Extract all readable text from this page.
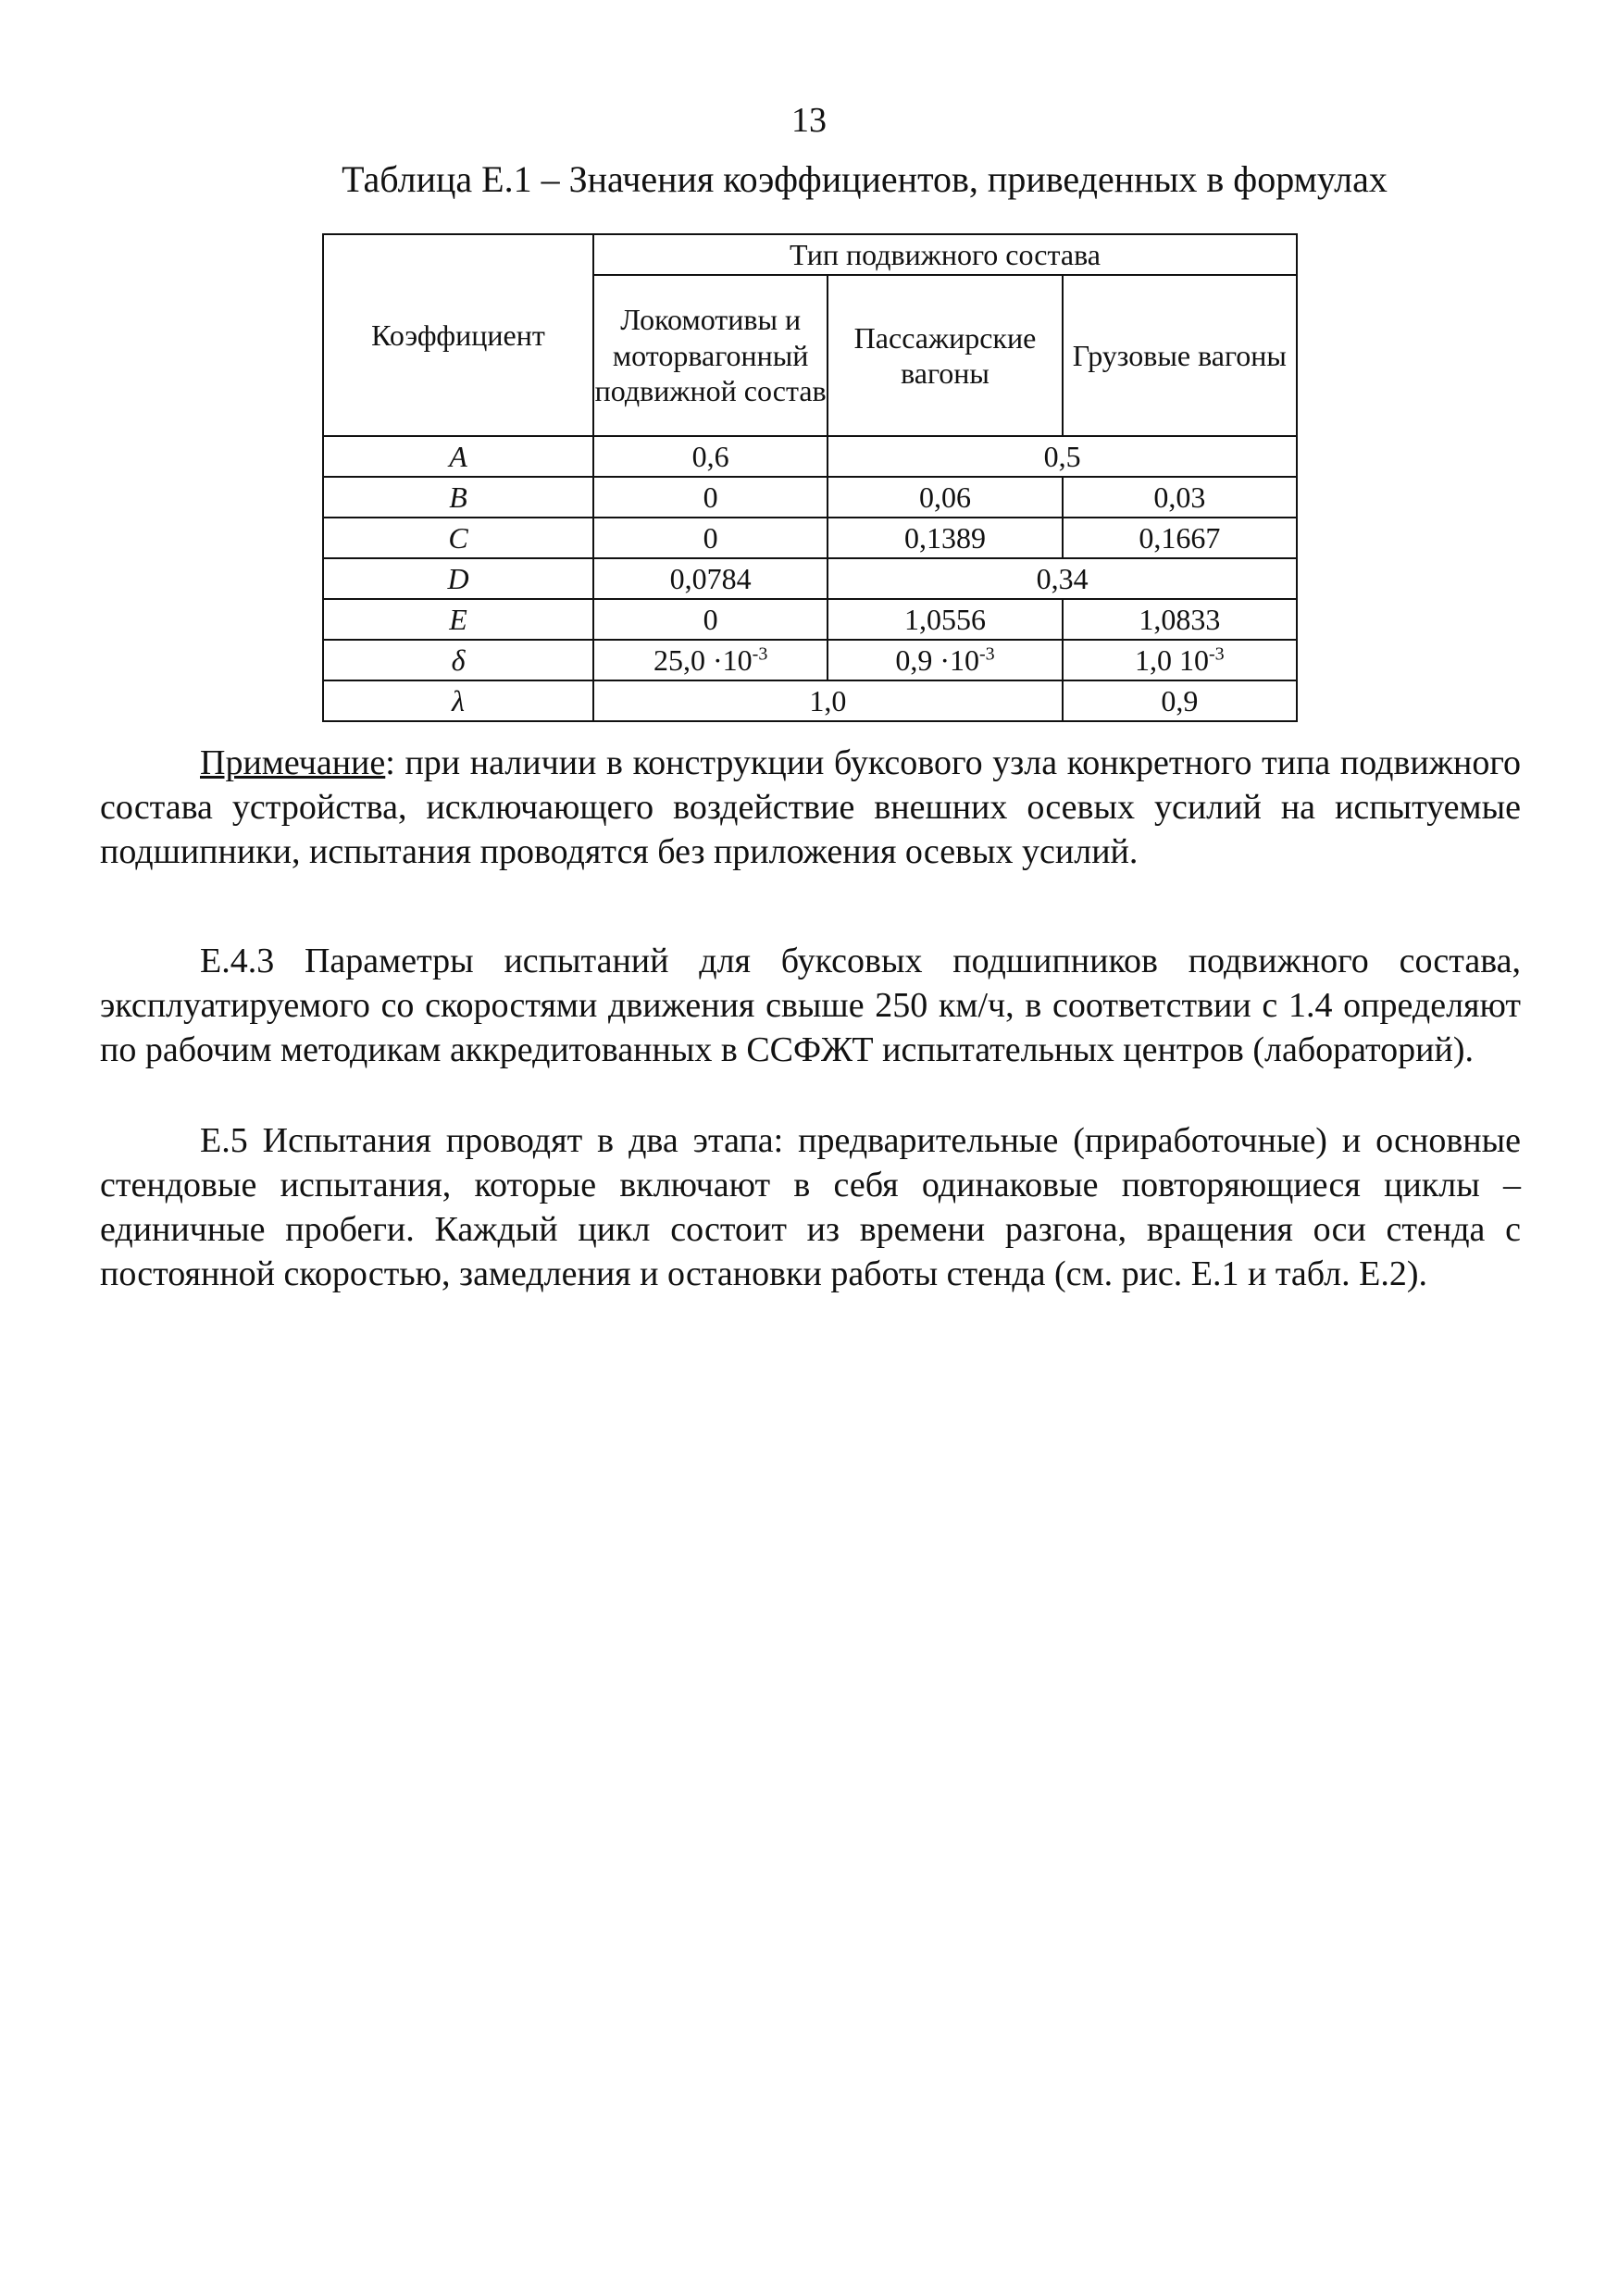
13
Таблица Е.1 – Значения коэффициентов, приведенных в формулах
Коэффициент	Тип подвижного состава		
	Локомотивы и моторвагонный подвижной состав	Пассажирские вагоны	Грузовые вагоны
A	0,6	0,5	
B	0	0,06	0,03
C	0	0,1389	0,1667
D	0,0784	0,34	
E	0	1,0556	1,0833
δ	$25,0 \cdot 10^{-3}$	$0,9 \cdot 10^{-3}$	1,0 $10^{-3}$
λ	1,0		0,9

Примечание: при наличии в конструкции буксового узла конкретного типа подвижного состава устройства, исключающего воздействие внешних осевых усилий на испытуемые подшипники, испытания проводятся без приложения осевых усилий.

Е.4.3 Параметры испытаний для буксовых подшипников подвижного состава, эксплуатируемого со скоростями движения свыше 250 км/ч, в соответствии с 1.4 определяют по рабочим методикам аккредитованных в ССФЖТ испытательных центров (лабораторий).

Е.5 Испытания проводят в два этапа: предварительные (приработочные) и основные стендовые испытания, которые включают в себя одинаковые повторяющиеся циклы – единичные пробеги. Каждый цикл состоит из времени разгона, вращения оси стенда с постоянной скоростью, замедления и остановки работы стенда (см. рис. Е.1 и табл. Е.2).
